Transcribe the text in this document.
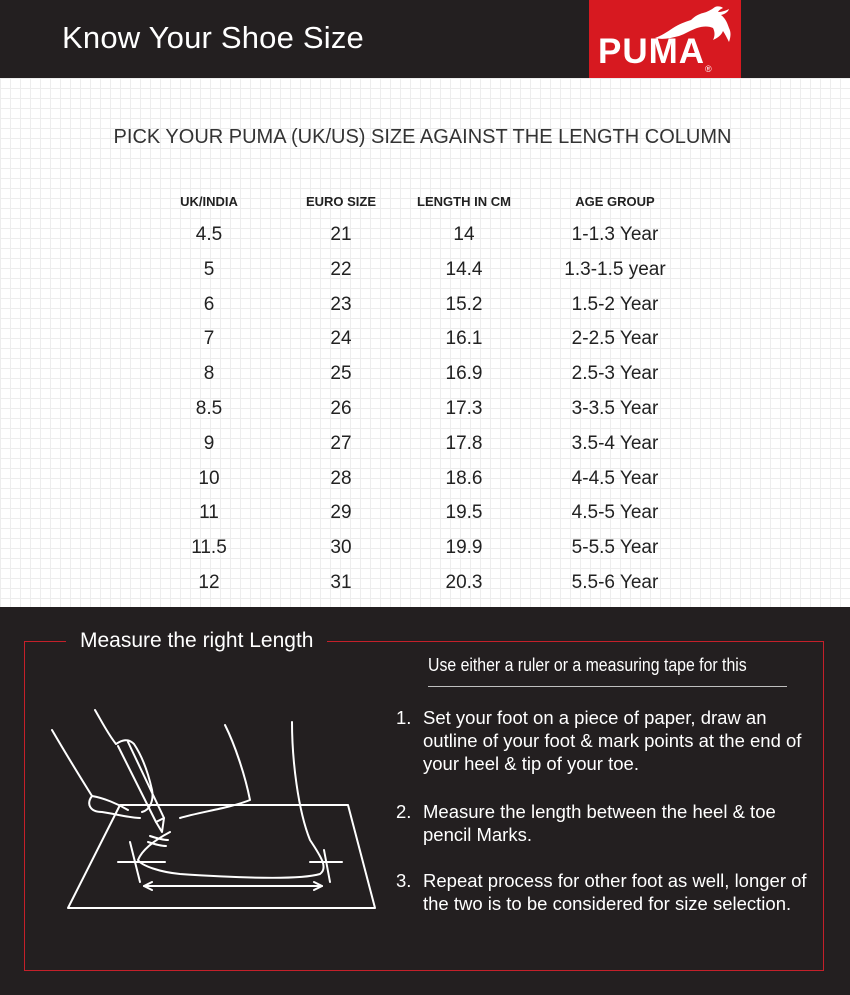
Know Your Shoe Size	PUMA ®
PICK YOUR PUMA (UK/US) SIZE AGAINST THE LENGTH COLUMN
UK/INDIA	EURO SIZE	LENGTH IN CM	AGE GROUP
4.5	21	14	1-1.3 Year
5	22	14.4	1.3-1.5 year
6	23	15.2	1.5-2 Year
7	24	16.1	2-2.5 Year
8	25	16.9	2.5-3 Year
8.5	26	17.3	3-3.5 Year
9	27	17.8	3.5-4 Year
10	28	18.6	4-4.5 Year
11	29	19.5	4.5-5 Year
11.5	30	19.9	5-5.5 Year
12	31	20.3	5.5-6 Year
Measure the right Length
Use either a ruler or a measuring tape for this
1. Set your foot on a piece of paper, draw an outline of your foot & mark points at the end of your heel & tip of your toe.
2. Measure the length between the heel & toe pencil Marks.
3. Repeat process for other foot as well, longer of the two is to be considered for size selection.
